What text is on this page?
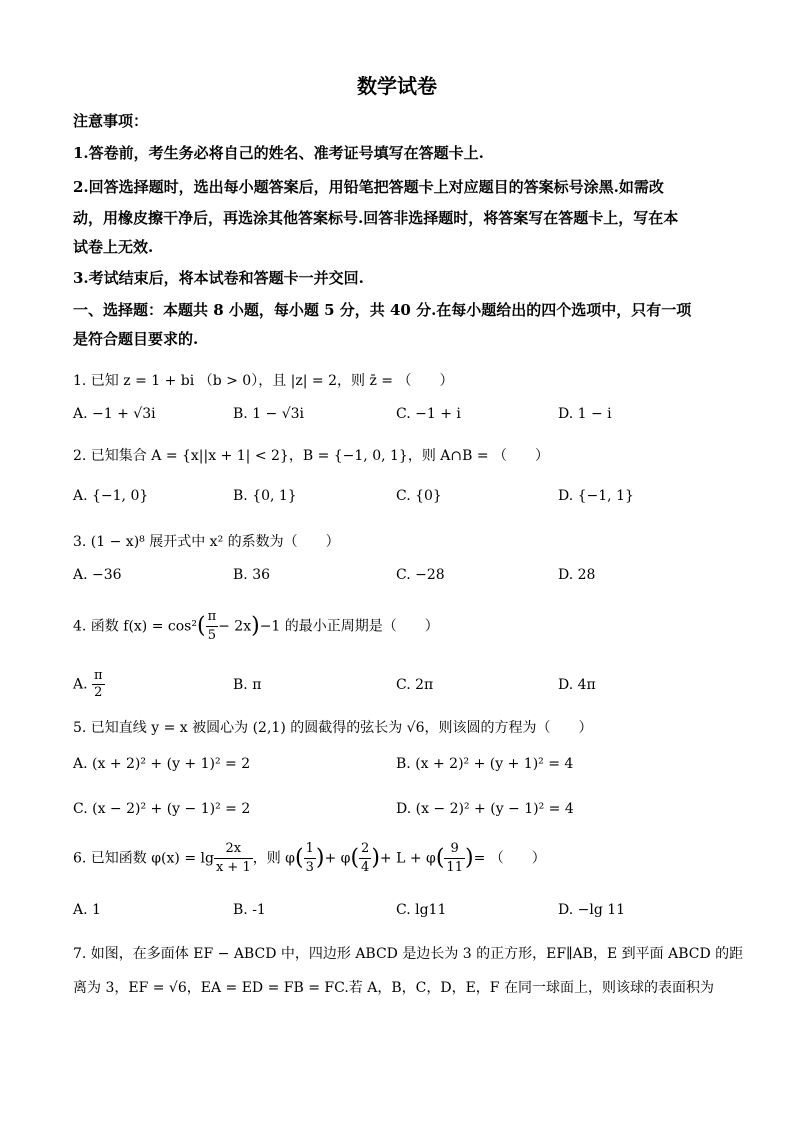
数学试卷
注意事项：
1.答卷前，考生务必将自己的姓名、准考证号填写在答题卡上.
2.回答选择题时，选出每小题答案后，用铅笔把答题卡上对应题目的答案标号涂黑.如需改
动，用橡皮擦干净后，再选涂其他答案标号.回答非选择题时，将答案写在答题卡上，写在本
试卷上无效.
3.考试结束后，将本试卷和答题卡一并交回.
一、选择题：本题共 8 小题，每小题 5 分，共 40 分.在每小题给出的四个选项中，只有一项
是符合题目要求的.
1. 已知 z = 1 + bi （b > 0），且 |z| = 2，则 z̄ = （　　）
A. −1 + √3i	B. 1 − √3i	C. −1 + i	D. 1 − i
2. 已知集合 A = {x||x + 1| < 2}，B = {−1, 0, 1}，则 A∩B = （　　）
A. {−1, 0}	B. {0, 1}	C. {0}	D. {−1, 1}
3. (1 − x)⁸ 展开式中 x² 的系数为（　　）
A. −36	B. 36	C. −28	D. 28
4. 函数 $f(x) = \cos^2( \frac{\pi}{5} - 2x)-1$ 的最小正周期是（　　）
A. $\frac{\pi}{2}$	B. π	C. 2π	D. 4π
5. 已知直线 y = x 被圆心为 (2,1) 的圆截得的弦长为 √6，则该圆的方程为（　　）
A. (x + 2)² + (y + 1)² = 2	B. (x + 2)² + (y + 1)² = 4
C. (x − 2)² + (y − 1)² = 2	D. (x − 2)² + (y − 1)² = 4
6. 已知函数 $\varphi(x) = \lg \frac{2x}{x + 1}$ ，则 $\varphi( \frac{1}{3}$ )+ $\varphi( \frac{2}{4}$ )+ $L + \varphi( \frac{9}{11}$ )= （　　）
A. 1	B. -1	C. lg11	D. −lg 11
7. 如图，在多面体 EF − ABCD 中，四边形 ABCD 是边长为 3 的正方形，EF∥AB，E 到平面 ABCD 的距
离为 3，EF = √6，EA = ED = FB = FC.若 A，B，C，D，E，F 在同一球面上，则该球的表面积为
